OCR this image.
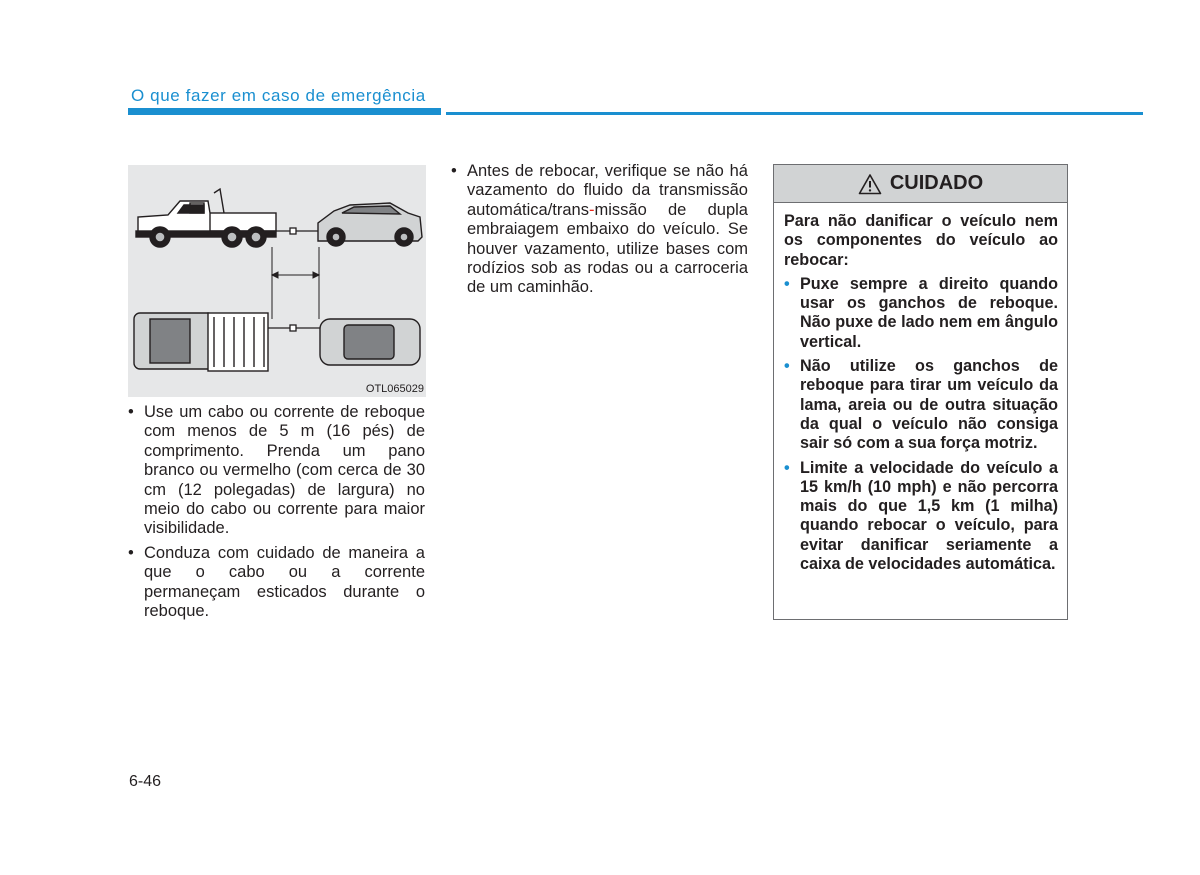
O que fazer em caso de emergência
OTL065029
• Use um cabo ou corrente de reboque com menos de 5 m (16 pés) de comprimento. Prenda um pano branco ou vermelho (com cerca de 30 cm (12 polegadas) de largura) no meio do cabo ou corrente para maior visibilidade.
• Conduza com cuidado de maneira a que o cabo ou a corrente permaneçam esticados durante o reboque.
• Antes de rebocar, verifique se não há vazamento do fluido da transmissão automática/trans-missão de dupla embraiagem embaixo do veículo. Se houver vazamento, utilize bases com rodízios sob as rodas ou a carroceria de um caminhão.
CUIDADO

Para não danificar o veículo nem os componentes do veículo ao rebocar:

• Puxe sempre a direito quando usar os ganchos de reboque. Não puxe de lado nem em ângulo vertical.
• Não utilize os ganchos de reboque para tirar um veículo da lama, areia ou de outra situação da qual o veículo não consiga sair só com a sua força motriz.
• Limite a velocidade do veículo a 15 km/h (10 mph) e não percorra mais do que 1,5 km (1 milha) quando rebocar o veículo, para evitar danificar seriamente a caixa de velocidades automática.
6-46
